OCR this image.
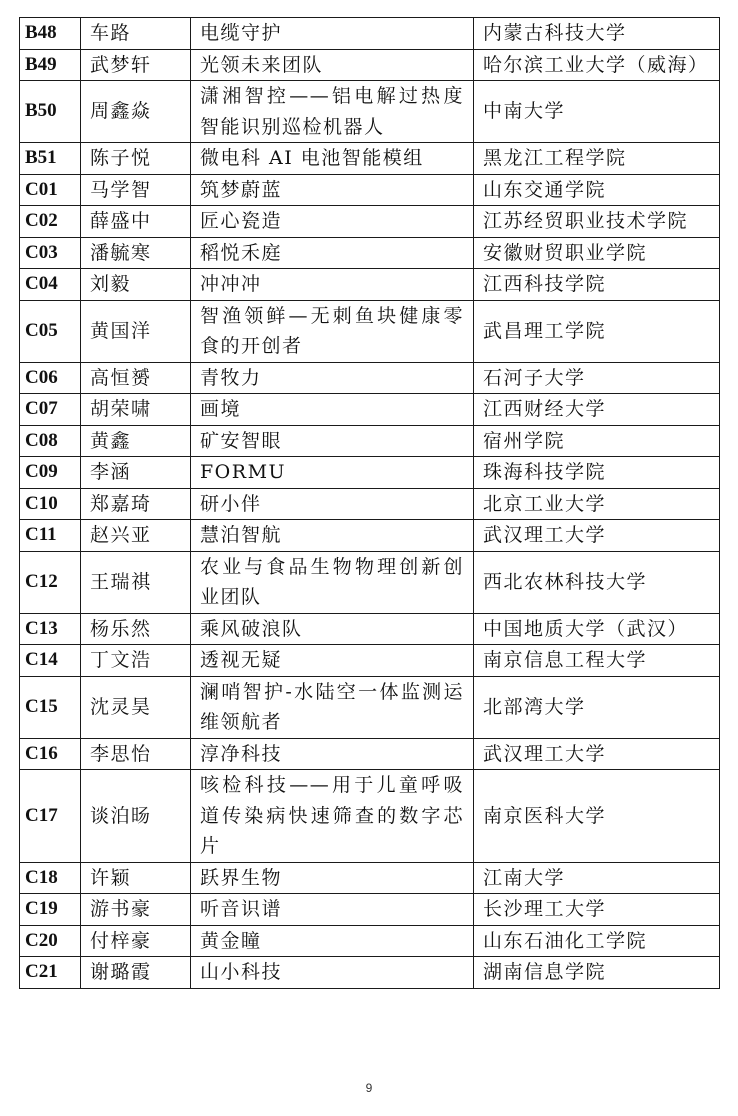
B48	车路	电缆守护	内蒙古科技大学
B49	武梦轩	光领未来团队	哈尔滨工业大学（威海）
B50	周鑫焱	潇湘智控——铝电解过热度智能识别巡检机器人	中南大学
B51	陈子悦	微电科 AI 电池智能模组	黑龙江工程学院
C01	马学智	筑梦蔚蓝	山东交通学院
C02	薛盛中	匠心瓷造	江苏经贸职业技术学院
C03	潘毓寒	稻悦禾庭	安徽财贸职业学院
C04	刘毅	冲冲冲	江西科技学院
C05	黄国洋	智渔领鲜—无刺鱼块健康零食的开创者	武昌理工学院
C06	高恒赟	青牧力	石河子大学
C07	胡荣啸	画境	江西财经大学
C08	黄鑫	矿安智眼	宿州学院
C09	李涵	FORMU	珠海科技学院
C10	郑嘉琦	研小伴	北京工业大学
C11	赵兴亚	慧泊智航	武汉理工大学
C12	王瑞祺	农业与食品生物物理创新创业团队	西北农林科技大学
C13	杨乐然	乘风破浪队	中国地质大学（武汉）
C14	丁文浩	透视无疑	南京信息工程大学
C15	沈灵昊	澜哨智护-水陆空一体监测运维领航者	北部湾大学
C16	李思怡	淳净科技	武汉理工大学
C17	谈泊旸	咳检科技——用于儿童呼吸道传染病快速筛查的数字芯片	南京医科大学
C18	许颖	跃界生物	江南大学
C19	游书豪	听音识谱	长沙理工大学
C20	付梓豪	黄金瞳	山东石油化工学院
C21	谢璐霞	山小科技	湖南信息学院
9
